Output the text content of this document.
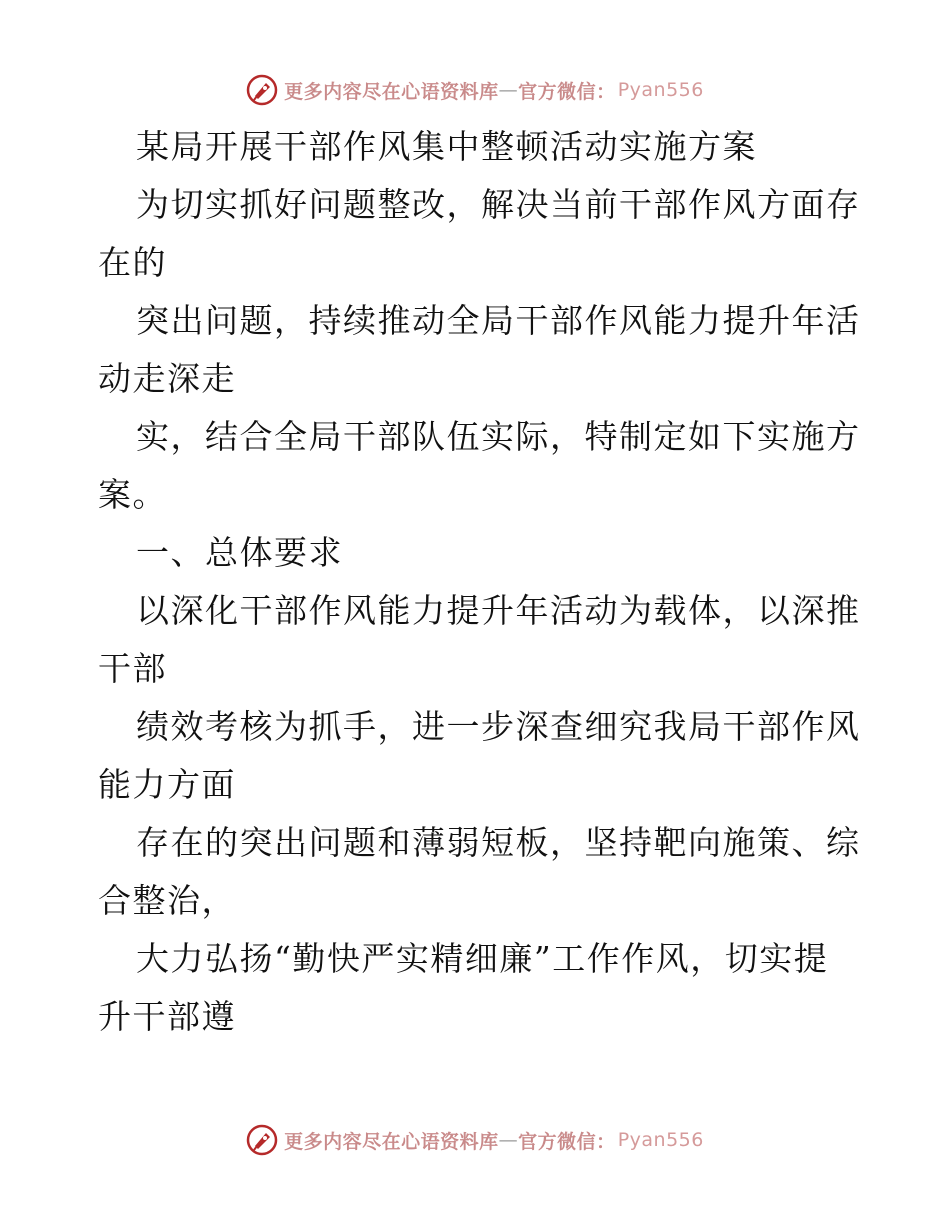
更多内容尽在心语资料库 — 官方微信： Pyan556
某局开展干部作风集中整顿活动实施方案
为切实抓好问题整改，解决当前干部作风方面存
在的
突出问题，持续推动全局干部作风能力提升年活
动走深走
实，结合全局干部队伍实际，特制定如下实施方
案。
一、总体要求
以深化干部作风能力提升年活动为载体，以深推
干部
绩效考核为抓手，进一步深查细究我局干部作风
能力方面
存在的突出问题和薄弱短板，坚持靶向施策、综
合整治，
大力弘扬“勤快严实精细廉”工作作风，切实提
升干部遵
更多内容尽在心语资料库 — 官方微信： Pyan556
